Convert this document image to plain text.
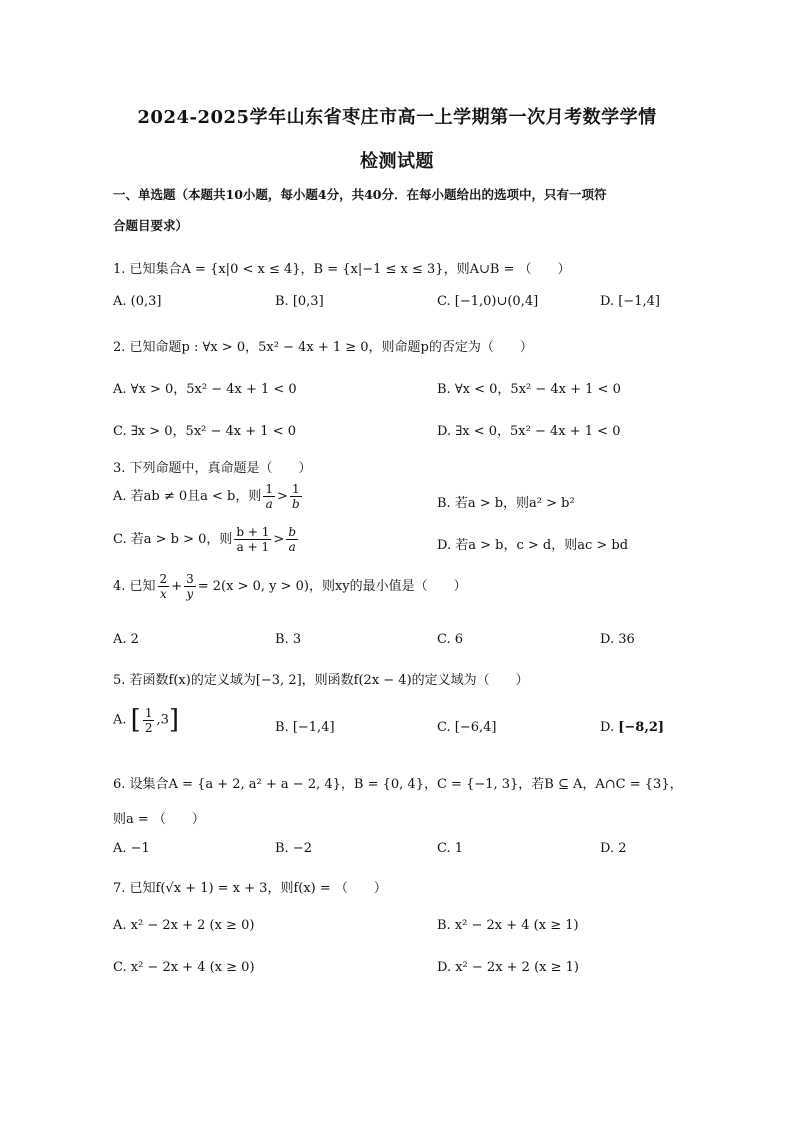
2024-2025学年山东省枣庄市高一上学期第一次月考数学学情
检测试题
一、单选题（本题共10小题，每小题4分，共40分．在每小题给出的选项中，只有一项符
合题目要求）
1. 已知集合A = {x|0 < x ≤ 4}，B = {x|−1 ≤ x ≤ 3}，则A∪B = （　　）
A. (0,3]	B. [0,3]	C. [−1,0)∪(0,4]	D. [−1,4]
2. 已知命题p : ∀x > 0，5x² − 4x + 1 ≥ 0，则命题p的否定为（　　）
A. ∀x > 0，5x² − 4x + 1 < 0	B. ∀x < 0，5x² − 4x + 1 < 0
C. ∃x > 0，5x² − 4x + 1 < 0	D. ∃x < 0，5x² − 4x + 1 < 0
3. 下列命题中，真命题是（　　）
A. 若ab ≠ 0且a < b，则 $\frac{1}{a} > \frac{1}{b}$	B. 若a > b，则a² > b²
C. 若a > b > 0，则 $\frac{b + 1}{a + 1} > \frac{b}{a}$	D. 若a > b，c > d，则ac > bd
4. 已知 $\frac{2}{x} + \frac{3}{y} = 2(x > 0$, y > 0)，则xy的最小值是（　　）
A. 2	B. 3	C. 6	D. 36
5. 若函数f(x)的定义域为[−3, 2]，则函数f(2x − 4)的定义域为（　　）
A. [ $\frac{1}{2} ,3$]	B. [−1,4]	C. [−6,4]	D. [−8,2]
6. 设集合A = {a + 2, a² + a − 2, 4}，B = {0, 4}，C = {−1, 3}，若B ⊆ A，A∩C = {3}，
则a = （　　）
A. −1	B. −2	C. 1	D. 2
7. 已知f(√x + 1) = x + 3，则f(x) = （　　）
A. x² − 2x + 2 (x ≥ 0)	B. x² − 2x + 4 (x ≥ 1)
C. x² − 2x + 4 (x ≥ 0)	D. x² − 2x + 2 (x ≥ 1)
